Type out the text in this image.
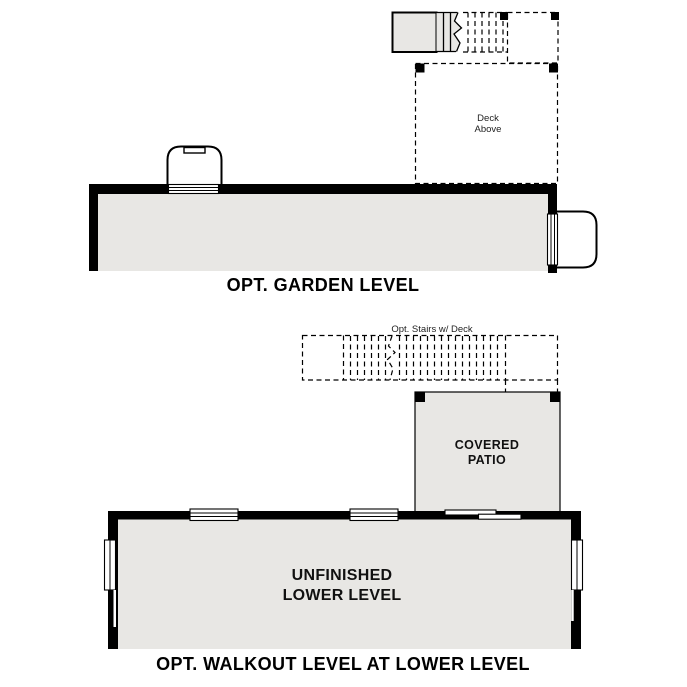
Deck
Above
OPT. GARDEN LEVEL
Opt. Stairs w/ Deck
COVERED
PATIO
UNFINISHED
LOWER LEVEL
OPT. WALKOUT LEVEL AT LOWER LEVEL
